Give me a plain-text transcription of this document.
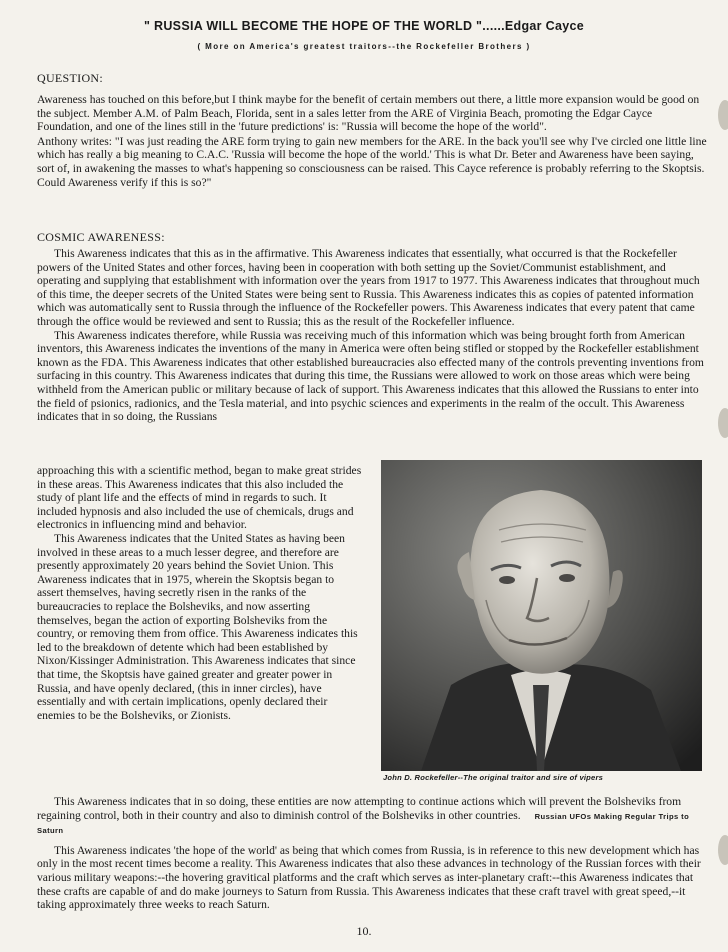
" RUSSIA WILL BECOME THE HOPE OF THE WORLD "......Edgar Cayce
( More on America's greatest traitors--the Rockefeller Brothers )
QUESTION:

Awareness has touched on this before,but I think maybe for the benefit of certain members out there, a little more expansion would be good on the subject. Member A.M. of Palm Beach, Florida, sent in a sales letter from the ARE of Virginia Beach, promoting the Edgar Cayce Foundation, and one of the lines still in the 'future predictions' is: "Russia will become the hope of the world".

Anthony writes: "I was just reading the ARE form trying to gain new members for the ARE. In the back you'll see why I've circled one little line which has really a big meaning to C.A.C. 'Russia will become the hope of the world.' This is what Dr. Beter and Awareness have been saying, sort of, in awakening the masses to what's happening so consciousness can be raised. This Cayce reference is probably referring to the Skoptsis. Could Awareness verify if this is so?"

COSMIC AWARENESS:

This Awareness indicates that this as in the affirmative. This Awareness indicates that essentially, what occurred is that the Rockefeller powers of the United States and other forces, having been in cooperation with both setting up the Soviet/Communist establishment, and operating and supplying that establishment with information over the years from 1917 to 1977. This Awareness indicates that throughout much of this time, the deeper secrets of the United States were being sent to Russia. This Awareness indicates this as copies of patented information which was automatically sent to Russia through the influence of the Rockefeller powers. This Awareness indicates that every patent that came through the office would be reviewed and sent to Russia; this as the result of the Rockefeller influence.

This Awareness indicates therefore, while Russia was receiving much of this information which was being brought forth from American inventors, this Awareness indicates the inventions of the many in America were often being stifled or stopped by the Rockefeller establishment known as the FDA. This Awareness indicates that other established bureaucracies also effected many of the controls preventing inventions from surfacing in this country. This Awareness indicates that during this time, the Russians were allowed to work on those areas which were being withheld from the American public or military because of lack of support. This Awareness indicates that this allowed the Russians to enter into the field of psionics, radionics, and the Tesla material, and into psychic sciences and experiments in the realm of the occult. This Awareness indicates that in so doing, the Russians

approaching this with a scientific method, began to make great strides in these areas. This Awareness indicates that this also included the study of plant life and the effects of mind in regards to such. It included hypnosis and also included the use of chemicals, drugs and electronics in influencing mind and behavior.

This Awareness indicates that the United States as having been involved in these areas to a much lesser degree, and therefore are presently approximately 20 years behind the Soviet Union. This Awareness indicates that in 1975, wherein the Skoptsis began to assert themselves, having secretly risen in the ranks of the bureaucracies to replace the Bolsheviks, and now asserting themselves, began the action of exporting Bolsheviks from the country, or removing them from office. This Awareness indicates this led to the breakdown of detente which had been established by Nixon/Kissinger Administration. This Awareness indicates that since that time, the Skoptsis have gained greater and greater power in Russia, and have openly declared, (this in inner circles), have essentially and with certain implications, openly declared their enemies to be the Bolsheviks, or Zionists.

John D. Rockefeller--The original traitor and sire of vipers

This Awareness indicates that in so doing, these entities are now attempting to continue actions which will prevent the Bolsheviks from regaining control, both in their country and also to diminish control of the Bolsheviks in other countries. Russian UFOs Making Regular Trips to Saturn

This Awareness indicates 'the hope of the world' as being that which comes from Russia, is in reference to this new development which has only in the most recent times become a reality. This Awareness indicates that also these advances in technology of the Russian forces with their various military weapons:--the hovering gravitical platforms and the craft which serves as inter-planetary craft:--this Awareness indicates that these crafts are capable of and do make journeys to Saturn from Russia. This Awareness indicates that these craft travel with great speed,--it taking approximately three weeks to reach Saturn.

10.
